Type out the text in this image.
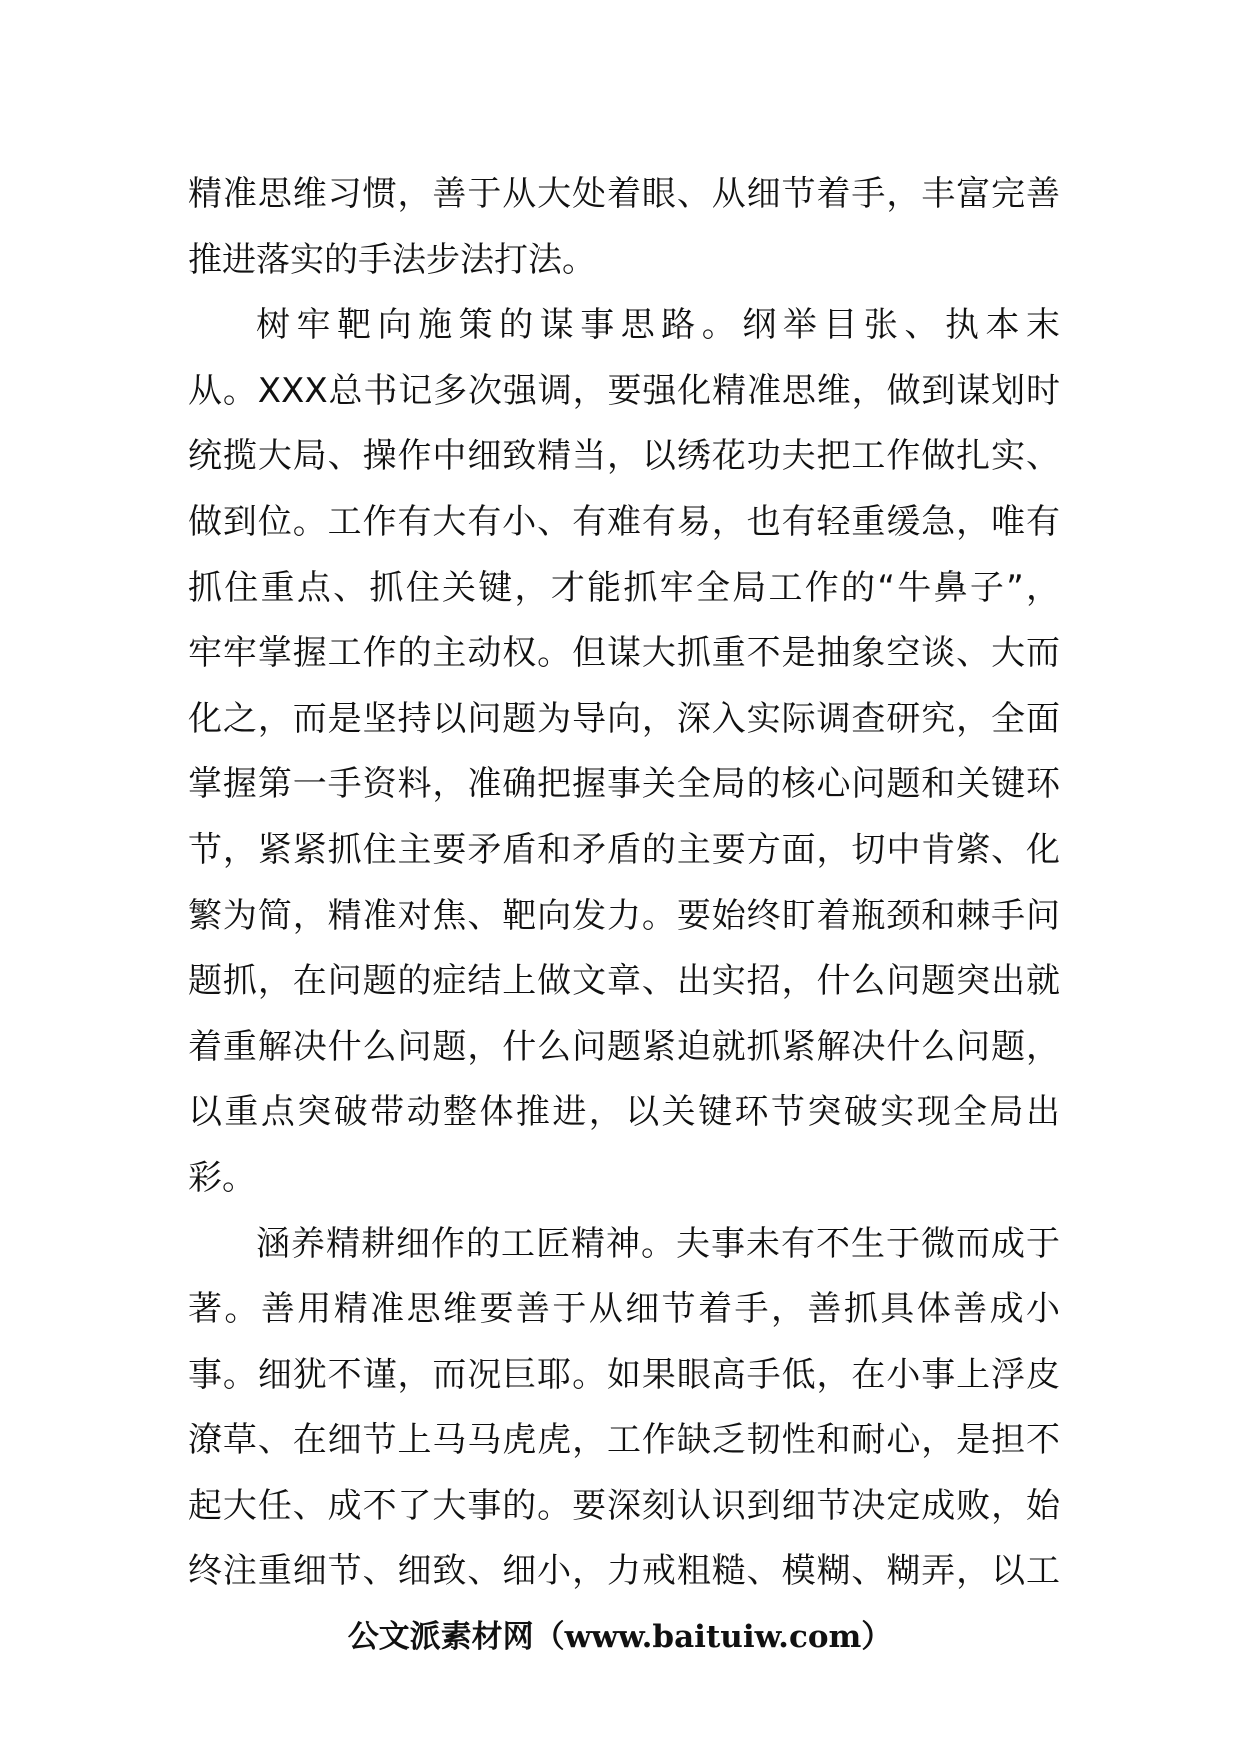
精准思维习惯，善于从大处着眼、从细节着手，丰富完善
推进落实的手法步法打法。
树牢靶向施策的谋事思路。纲举目张、执本末
从。XXX总书记多次强调，要强化精准思维，做到谋划时
统揽大局、操作中细致精当，以绣花功夫把工作做扎实、
做到位。工作有大有小、有难有易，也有轻重缓急，唯有
抓住重点、抓住关键，才能抓牢全局工作的“牛鼻子”，
牢牢掌握工作的主动权。但谋大抓重不是抽象空谈、大而
化之，而是坚持以问题为导向，深入实际调查研究，全面
掌握第一手资料，准确把握事关全局的核心问题和关键环
节，紧紧抓住主要矛盾和矛盾的主要方面，切中肯綮、化
繁为简，精准对焦、靶向发力。要始终盯着瓶颈和棘手问
题抓，在问题的症结上做文章、出实招，什么问题突出就
着重解决什么问题，什么问题紧迫就抓紧解决什么问题，
以重点突破带动整体推进，以关键环节突破实现全局出
彩。
涵养精耕细作的工匠精神。夫事未有不生于微而成于
著。善用精准思维要善于从细节着手，善抓具体善成小
事。细犹不谨，而况巨耶。如果眼高手低，在小事上浮皮
潦草、在细节上马马虎虎，工作缺乏韧性和耐心，是担不
起大任、成不了大事的。要深刻认识到细节决定成败，始
终注重细节、细致、细小，力戒粗糙、模糊、糊弄，以工
公文派素材网（www.baituiw.com）
